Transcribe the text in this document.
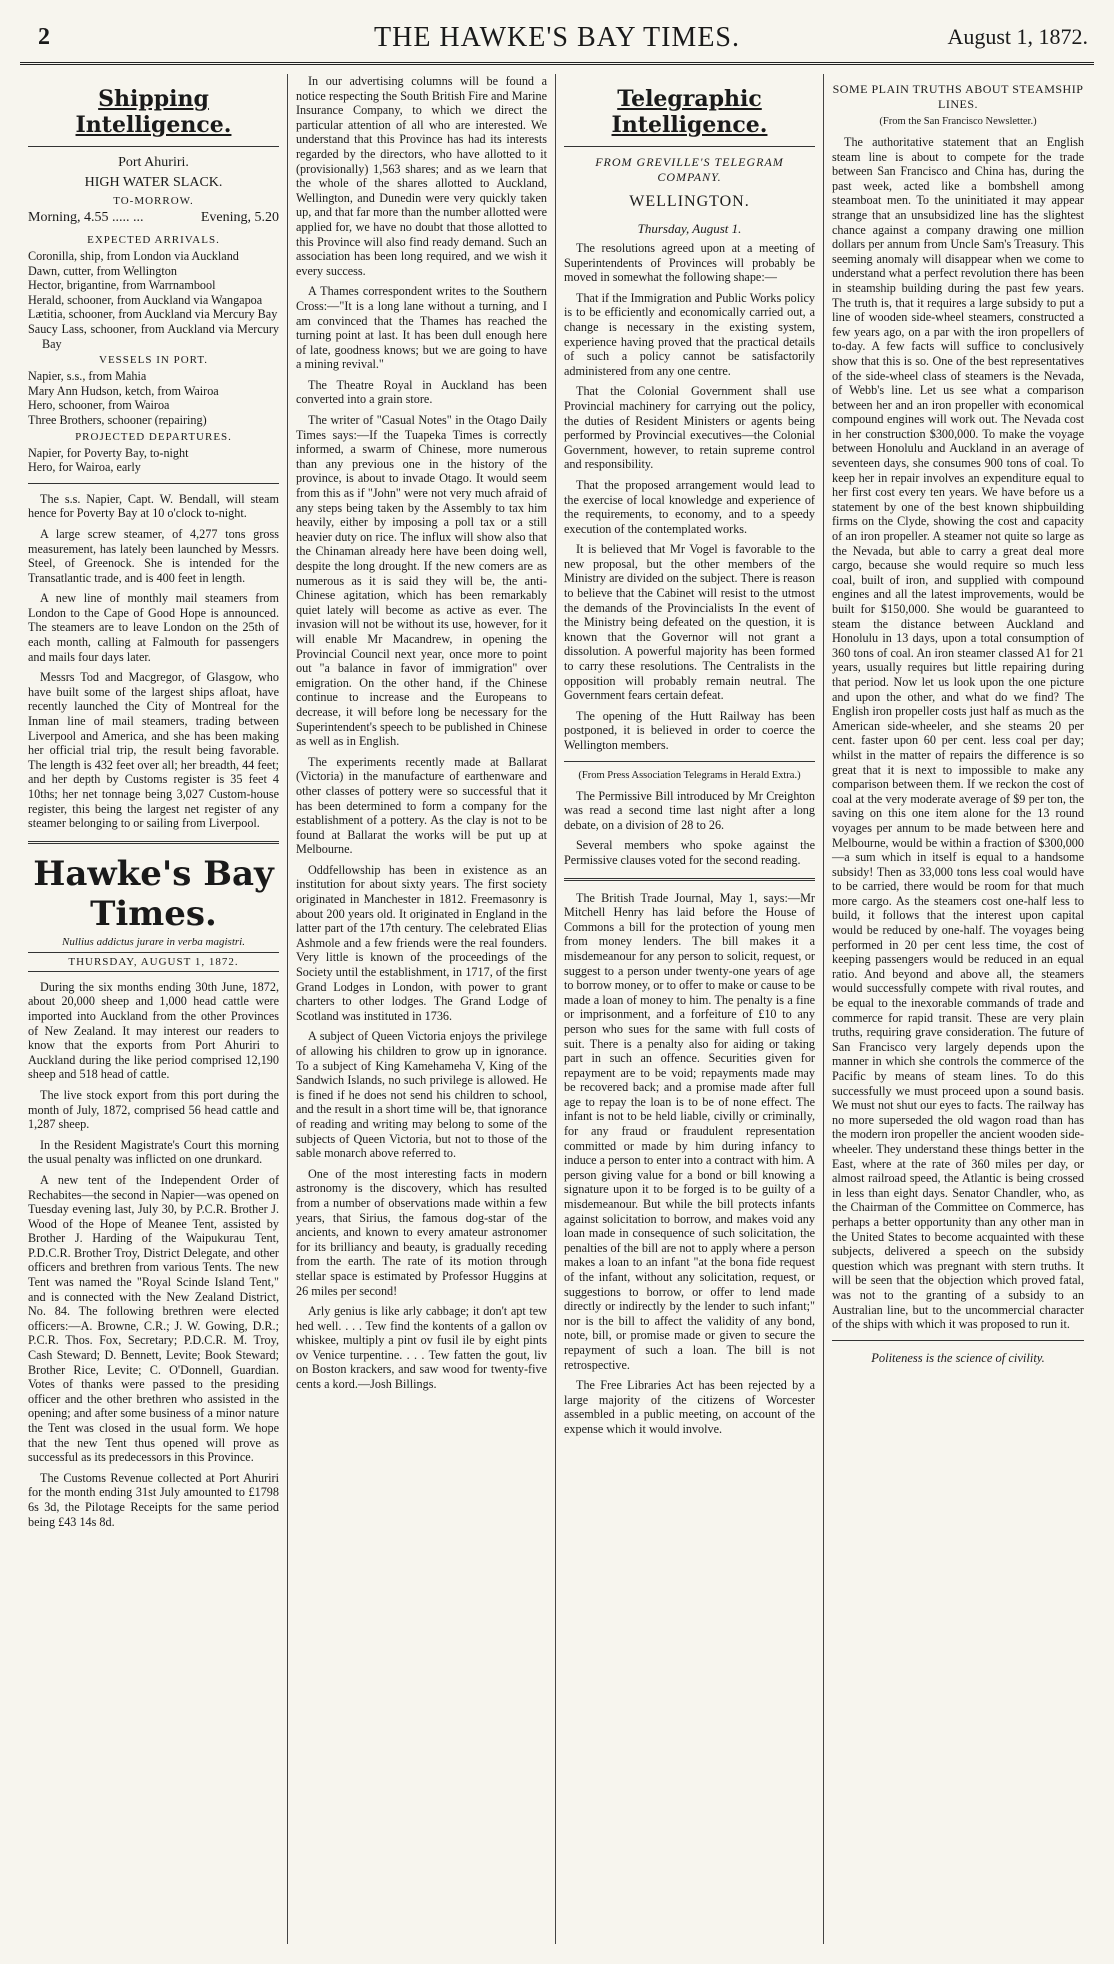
2	THE HAWKE'S BAY TIMES.	August 1, 1872.
Shipping Intelligence.
Port Ahuriri.
HIGH WATER SLACK.
TO-MORROW.
Morning, 4.55 ..... ...	Evening, 5.20
EXPECTED ARRIVALS.

Coronilla, ship, from London via Auckland

Dawn, cutter, from Wellington

Hector, brigantine, from Warrnambool

Herald, schooner, from Auckland via Wangapoa

Lætitia, schooner, from Auckland via Mercury Bay

Saucy Lass, schooner, from Auckland via Mercury Bay

VESSELS IN PORT.

Napier, s.s., from Mahia

Mary Ann Hudson, ketch, from Wairoa

Hero, schooner, from Wairoa

Three Brothers, schooner (repairing)

PROJECTED DEPARTURES.

Napier, for Poverty Bay, to-night

Hero, for Wairoa, early

The s.s. Napier, Capt. W. Bendall, will steam hence for Poverty Bay at 10 o'clock to-night.

A large screw steamer, of 4,277 tons gross measurement, has lately been launched by Messrs. Steel, of Greenock. She is intended for the Transatlantic trade, and is 400 feet in length.

A new line of monthly mail steamers from London to the Cape of Good Hope is announced. The steamers are to leave London on the 25th of each month, calling at Falmouth for passengers and mails four days later.

Messrs Tod and Macgregor, of Glasgow, who have built some of the largest ships afloat, have recently launched the City of Montreal for the Inman line of mail steamers, trading between Liverpool and America, and she has been making her official trial trip, the result being favorable. The length is 432 feet over all; her breadth, 44 feet; and her depth by Customs register is 35 feet 4 10ths; her net tonnage being 3,027 Custom-house register, this being the largest net register of any steamer belonging to or sailing from Liverpool.

Hawke's Bay Times.
Nullius addictus jurare in verba magistri.
THURSDAY, AUGUST 1, 1872.

During the six months ending 30th June, 1872, about 20,000 sheep and 1,000 head cattle were imported into Auckland from the other Provinces of New Zealand. It may interest our readers to know that the exports from Port Ahuriri to Auckland during the like period comprised 12,190 sheep and 518 head of cattle.

The live stock export from this port during the month of July, 1872, comprised 56 head cattle and 1,287 sheep.

In the Resident Magistrate's Court this morning the usual penalty was inflicted on one drunkard.

A new tent of the Independent Order of Rechabites—the second in Napier—was opened on Tuesday evening last, July 30, by P.C.R. Brother J. Wood of the Hope of Meanee Tent, assisted by Brother J. Harding of the Waipukurau Tent, P.D.C.R. Brother Troy, District Delegate, and other officers and brethren from various Tents. The new Tent was named the "Royal Scinde Island Tent," and is connected with the New Zealand District, No. 84. The following brethren were elected officers:—A. Browne, C.R.; J. W. Gowing, D.R.; P.C.R. Thos. Fox, Secretary; P.D.C.R. M. Troy, Cash Steward; D. Bennett, Levite; Book Steward; Brother Rice, Levite; C. O'Donnell, Guardian. Votes of thanks were passed to the presiding officer and the other brethren who assisted in the opening; and after some business of a minor nature the Tent was closed in the usual form. We hope that the new Tent thus opened will prove as successful as its predecessors in this Province.

The Customs Revenue collected at Port Ahuriri for the month ending 31st July amounted to £1798 6s 3d, the Pilotage Receipts for the same period being £43 14s 8d.

In our advertising columns will be found a notice respecting the South British Fire and Marine Insurance Company, to which we direct the particular attention of all who are interested. We understand that this Province has had its interests regarded by the directors, who have allotted to it (provisionally) 1,563 shares; and as we learn that the whole of the shares allotted to Auckland, Wellington, and Dunedin were very quickly taken up, and that far more than the number allotted were applied for, we have no doubt that those allotted to this Province will also find ready demand. Such an association has been long required, and we wish it every success.

A Thames correspondent writes to the Southern Cross:—"It is a long lane without a turning, and I am convinced that the Thames has reached the turning point at last. It has been dull enough here of late, goodness knows; but we are going to have a mining revival."

The Theatre Royal in Auckland has been converted into a grain store.

The writer of "Casual Notes" in the Otago Daily Times says:—If the Tuapeka Times is correctly informed, a swarm of Chinese, more numerous than any previous one in the history of the province, is about to invade Otago. It would seem from this as if "John" were not very much afraid of any steps being taken by the Assembly to tax him heavily, either by imposing a poll tax or a still heavier duty on rice. The influx will show also that the Chinaman already here have been doing well, despite the long drought. If the new comers are as numerous as it is said they will be, the anti-Chinese agitation, which has been remarkably quiet lately will become as active as ever. The invasion will not be without its use, however, for it will enable Mr Macandrew, in opening the Provincial Council next year, once more to point out "a balance in favor of immigration" over emigration. On the other hand, if the Chinese continue to increase and the Europeans to decrease, it will before long be necessary for the Superintendent's speech to be published in Chinese as well as in English.

The experiments recently made at Ballarat (Victoria) in the manufacture of earthenware and other classes of pottery were so successful that it has been determined to form a company for the establishment of a pottery. As the clay is not to be found at Ballarat the works will be put up at Melbourne.

Oddfellowship has been in existence as an institution for about sixty years. The first society originated in Manchester in 1812. Freemasonry is about 200 years old. It originated in England in the latter part of the 17th century. The celebrated Elias Ashmole and a few friends were the real founders. Very little is known of the proceedings of the Society until the establishment, in 1717, of the first Grand Lodges in London, with power to grant charters to other lodges. The Grand Lodge of Scotland was instituted in 1736.

A subject of Queen Victoria enjoys the privilege of allowing his children to grow up in ignorance. To a subject of King Kamehameha V, King of the Sandwich Islands, no such privilege is allowed. He is fined if he does not send his children to school, and the result in a short time will be, that ignorance of reading and writing may belong to some of the subjects of Queen Victoria, but not to those of the sable monarch above referred to.

One of the most interesting facts in modern astronomy is the discovery, which has resulted from a number of observations made within a few years, that Sirius, the famous dog-star of the ancients, and known to every amateur astronomer for its brilliancy and beauty, is gradually receding from the earth. The rate of its motion through stellar space is estimated by Professor Huggins at 26 miles per second!

Arly genius is like arly cabbage; it don't apt tew hed well. . . . Tew find the kontents of a gallon ov whiskee, multiply a pint ov fusil ile by eight pints ov Venice turpentine. . . . Tew fatten the gout, liv on Boston krackers, and saw wood for twenty-five cents a kord.—Josh Billings.

Telegraphic Intelligence.
FROM GREVILLE'S TELEGRAM COMPANY.
WELLINGTON.
Thursday, August 1.

The resolutions agreed upon at a meeting of Superintendents of Provinces will probably be moved in somewhat the following shape:—

That if the Immigration and Public Works policy is to be efficiently and economically carried out, a change is necessary in the existing system, experience having proved that the practical details of such a policy cannot be satisfactorily administered from any one centre.

That the Colonial Government shall use Provincial machinery for carrying out the policy, the duties of Resident Ministers or agents being performed by Provincial executives—the Colonial Government, however, to retain supreme control and responsibility.

That the proposed arrangement would lead to the exercise of local knowledge and experience of the requirements, to economy, and to a speedy execution of the contemplated works.

It is believed that Mr Vogel is favorable to the new proposal, but the other members of the Ministry are divided on the subject. There is reason to believe that the Cabinet will resist to the utmost the demands of the Provincialists In the event of the Ministry being defeated on the question, it is known that the Governor will not grant a dissolution. A powerful majority has been formed to carry these resolutions. The Centralists in the opposition will probably remain neutral. The Government fears certain defeat.

The opening of the Hutt Railway has been postponed, it is believed in order to coerce the Wellington members.

(From Press Association Telegrams in Herald Extra.)

The Permissive Bill introduced by Mr Creighton was read a second time last night after a long debate, on a division of 28 to 26.

Several members who spoke against the Permissive clauses voted for the second reading.

The British Trade Journal, May 1, says:—Mr Mitchell Henry has laid before the House of Commons a bill for the protection of young men from money lenders. The bill makes it a misdemeanour for any person to solicit, request, or suggest to a person under twenty-one years of age to borrow money, or to offer to make or cause to be made a loan of money to him. The penalty is a fine or imprisonment, and a forfeiture of £10 to any person who sues for the same with full costs of suit. There is a penalty also for aiding or taking part in such an offence. Securities given for repayment are to be void; repayments made may be recovered back; and a promise made after full age to repay the loan is to be of none effect. The infant is not to be held liable, civilly or criminally, for any fraud or fraudulent representation committed or made by him during infancy to induce a person to enter into a contract with him. A person giving value for a bond or bill knowing a signature upon it to be forged is to be guilty of a misdemeanour. But while the bill protects infants against solicitation to borrow, and makes void any loan made in consequence of such solicitation, the penalties of the bill are not to apply where a person makes a loan to an infant "at the bona fide request of the infant, without any solicitation, request, or suggestions to borrow, or offer to lend made directly or indirectly by the lender to such infant;" nor is the bill to affect the validity of any bond, note, bill, or promise made or given to secure the repayment of such a loan. The bill is not retrospective.

The Free Libraries Act has been rejected by a large majority of the citizens of Worcester assembled in a public meeting, on account of the expense which it would involve.

SOME PLAIN TRUTHS ABOUT STEAMSHIP LINES.
(From the San Francisco Newsletter.)

The authoritative statement that an English steam line is about to compete for the trade between San Francisco and China has, during the past week, acted like a bombshell among steamboat men. To the uninitiated it may appear strange that an unsubsidized line has the slightest chance against a company drawing one million dollars per annum from Uncle Sam's Treasury. This seeming anomaly will disappear when we come to understand what a perfect revolution there has been in steamship building during the past few years. The truth is, that it requires a large subsidy to put a line of wooden side-wheel steamers, constructed a few years ago, on a par with the iron propellers of to-day. A few facts will suffice to conclusively show that this is so. One of the best representatives of the side-wheel class of steamers is the Nevada, of Webb's line. Let us see what a comparison between her and an iron propeller with economical compound engines will work out. The Nevada cost in her construction $300,000. To make the voyage between Honolulu and Auckland in an average of seventeen days, she consumes 900 tons of coal. To keep her in repair involves an expenditure equal to her first cost every ten years. We have before us a statement by one of the best known shipbuilding firms on the Clyde, showing the cost and capacity of an iron propeller. A steamer not quite so large as the Nevada, but able to carry a great deal more cargo, because she would require so much less coal, built of iron, and supplied with compound engines and all the latest improvements, would be built for $150,000. She would be guaranteed to steam the distance between Auckland and Honolulu in 13 days, upon a total consumption of 360 tons of coal. An iron steamer classed A1 for 21 years, usually requires but little repairing during that period. Now let us look upon the one picture and upon the other, and what do we find? The English iron propeller costs just half as much as the American side-wheeler, and she steams 20 per cent. faster upon 60 per cent. less coal per day; whilst in the matter of repairs the difference is so great that it is next to impossible to make any comparison between them. If we reckon the cost of coal at the very moderate average of $9 per ton, the saving on this one item alone for the 13 round voyages per annum to be made between here and Melbourne, would be within a fraction of $300,000—a sum which in itself is equal to a handsome subsidy! Then as 33,000 tons less coal would have to be carried, there would be room for that much more cargo. As the steamers cost one-half less to build, it follows that the interest upon capital would be reduced by one-half. The voyages being performed in 20 per cent less time, the cost of keeping passengers would be reduced in an equal ratio. And beyond and above all, the steamers would successfully compete with rival routes, and be equal to the inexorable commands of trade and commerce for rapid transit. These are very plain truths, requiring grave consideration. The future of San Francisco very largely depends upon the manner in which she controls the commerce of the Pacific by means of steam lines. To do this successfully we must proceed upon a sound basis. We must not shut our eyes to facts. The railway has no more superseded the old wagon road than has the modern iron propeller the ancient wooden side-wheeler. They understand these things better in the East, where at the rate of 360 miles per day, or almost railroad speed, the Atlantic is being crossed in less than eight days. Senator Chandler, who, as the Chairman of the Committee on Commerce, has perhaps a better opportunity than any other man in the United States to become acquainted with these subjects, delivered a speech on the subsidy question which was pregnant with stern truths. It will be seen that the objection which proved fatal, was not to the granting of a subsidy to an Australian line, but to the uncommercial character of the ships with which it was proposed to run it.

Politeness is the science of civility.
